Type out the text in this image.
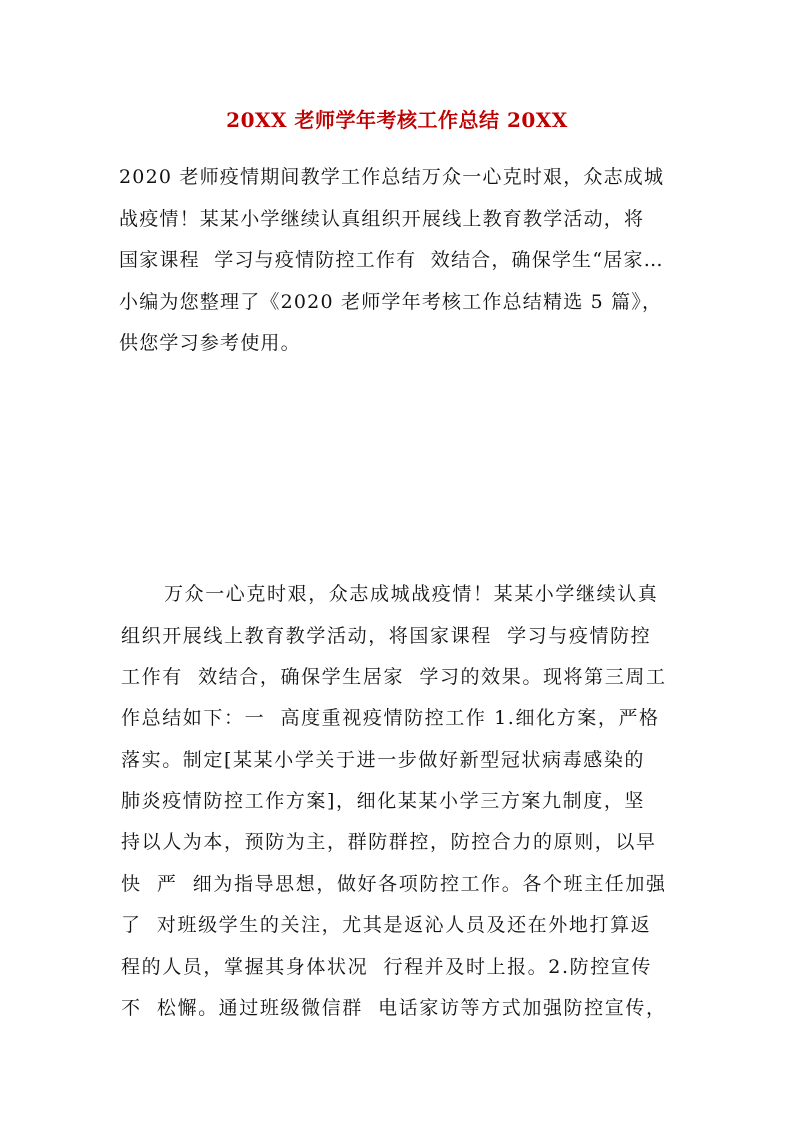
20XX 老师学年考核工作总结 20XX
2020 老师疫情期间教学工作总结万众一心克时艰，众志成城
战疫情！某某小学继续认真组织开展线上教育教学活动，将
国家课程  学习与疫情防控工作有  效结合，确保学生“居家…
小编为您整理了《2020 老师学年考核工作总结精选 5 篇》，
供您学习参考使用。
万众一心克时艰，众志成城战疫情！某某小学继续认真
组织开展线上教育教学活动，将国家课程  学习与疫情防控
工作有  效结合，确保学生居家  学习的效果。现将第三周工
作总结如下：一  高度重视疫情防控工作 1.细化方案，严格
落实。制定[某某小学关于进一步做好新型冠状病毒感染的
肺炎疫情防控工作方案]，细化某某小学三方案九制度，坚
持以人为本，预防为主，群防群控，防控合力的原则，以早
快  严  细为指导思想，做好各项防控工作。各个班主任加强
了  对班级学生的关注，尤其是返沁人员及还在外地打算返
程的人员，掌握其身体状况  行程并及时上报。2.防控宣传
不  松懈。通过班级微信群  电话家访等方式加强防控宣传，
